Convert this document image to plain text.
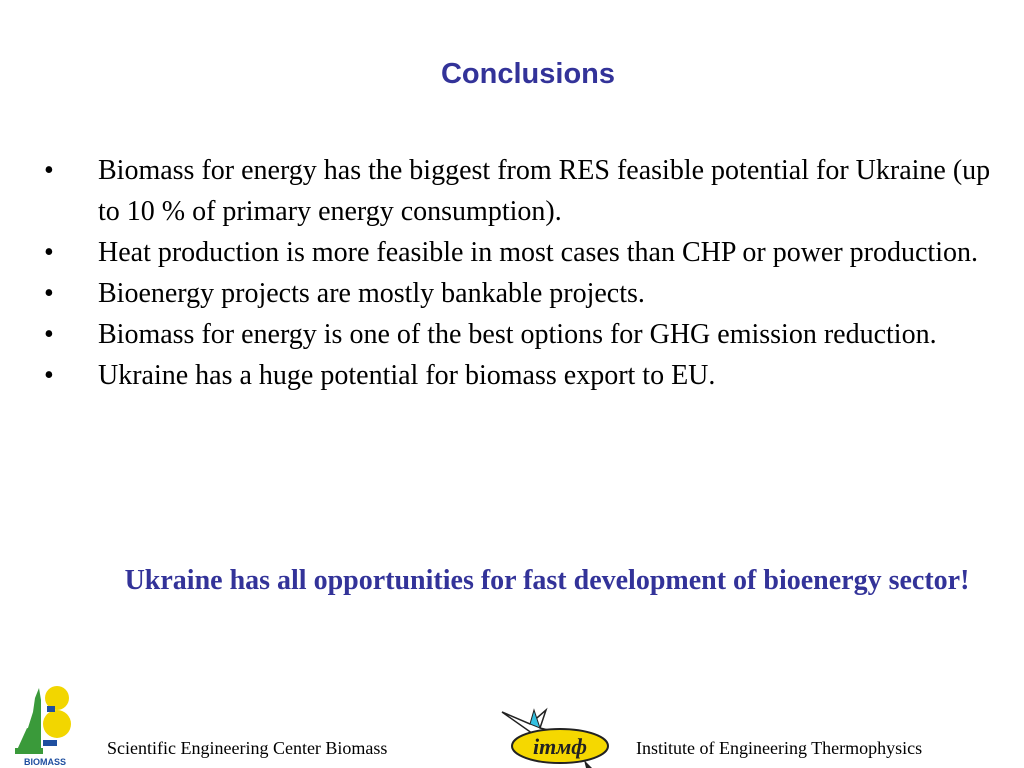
Conclusions
• Biomass for energy has the biggest from RES feasible potential for Ukraine (up to 10 % of primary energy consumption).
• Heat production is more feasible in most cases than CHP or power production.
• Bioenergy projects are mostly bankable projects.
• Biomass for energy is one of the best options for GHG emission reduction.
• Ukraine has a huge potential for biomass export to EU.
Ukraine has all opportunities for fast development of bioenergy sector!
BIOMASS
Scientific Engineering Center Biomass	ітмф	Institute of Engineering Thermophysics
